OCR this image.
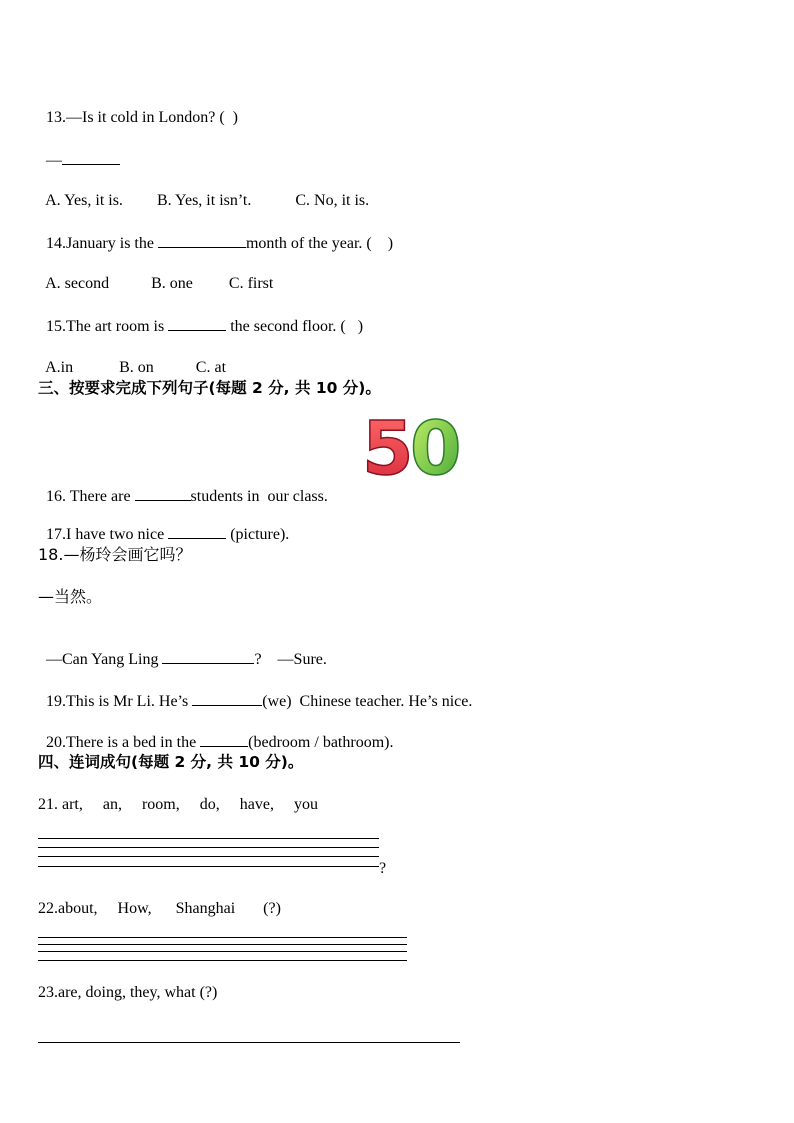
13.—Is it cold in London? (  )

—

A. Yes, it is. B. Yes, it isn’t.	C. No, it is.

14.January is the	month of the year. (    )

A. second	B. one C. first

15.The art room is	the second floor. (   )

A.in	B. on	C. at

三、按要求完成下列句子(每题 2 分, 共 10 分)。

16. There are	students in  our class.

5
0

17.I have two nice	(picture).

18.—杨玲会画它吗？
—当然。

—Can Yang Ling	?    —Sure.

19.This is Mr Li. He’s	(we)  Chinese teacher. He’s nice.

20.There is a bed in the	(bedroom / bathroom).

四、连词成句(每题 2 分, 共 10 分)。
21. art,     an,     room,     do,     have,     you
?
22.about,     How,      Shanghai       (?)
23.are, doing, they, what (?)
